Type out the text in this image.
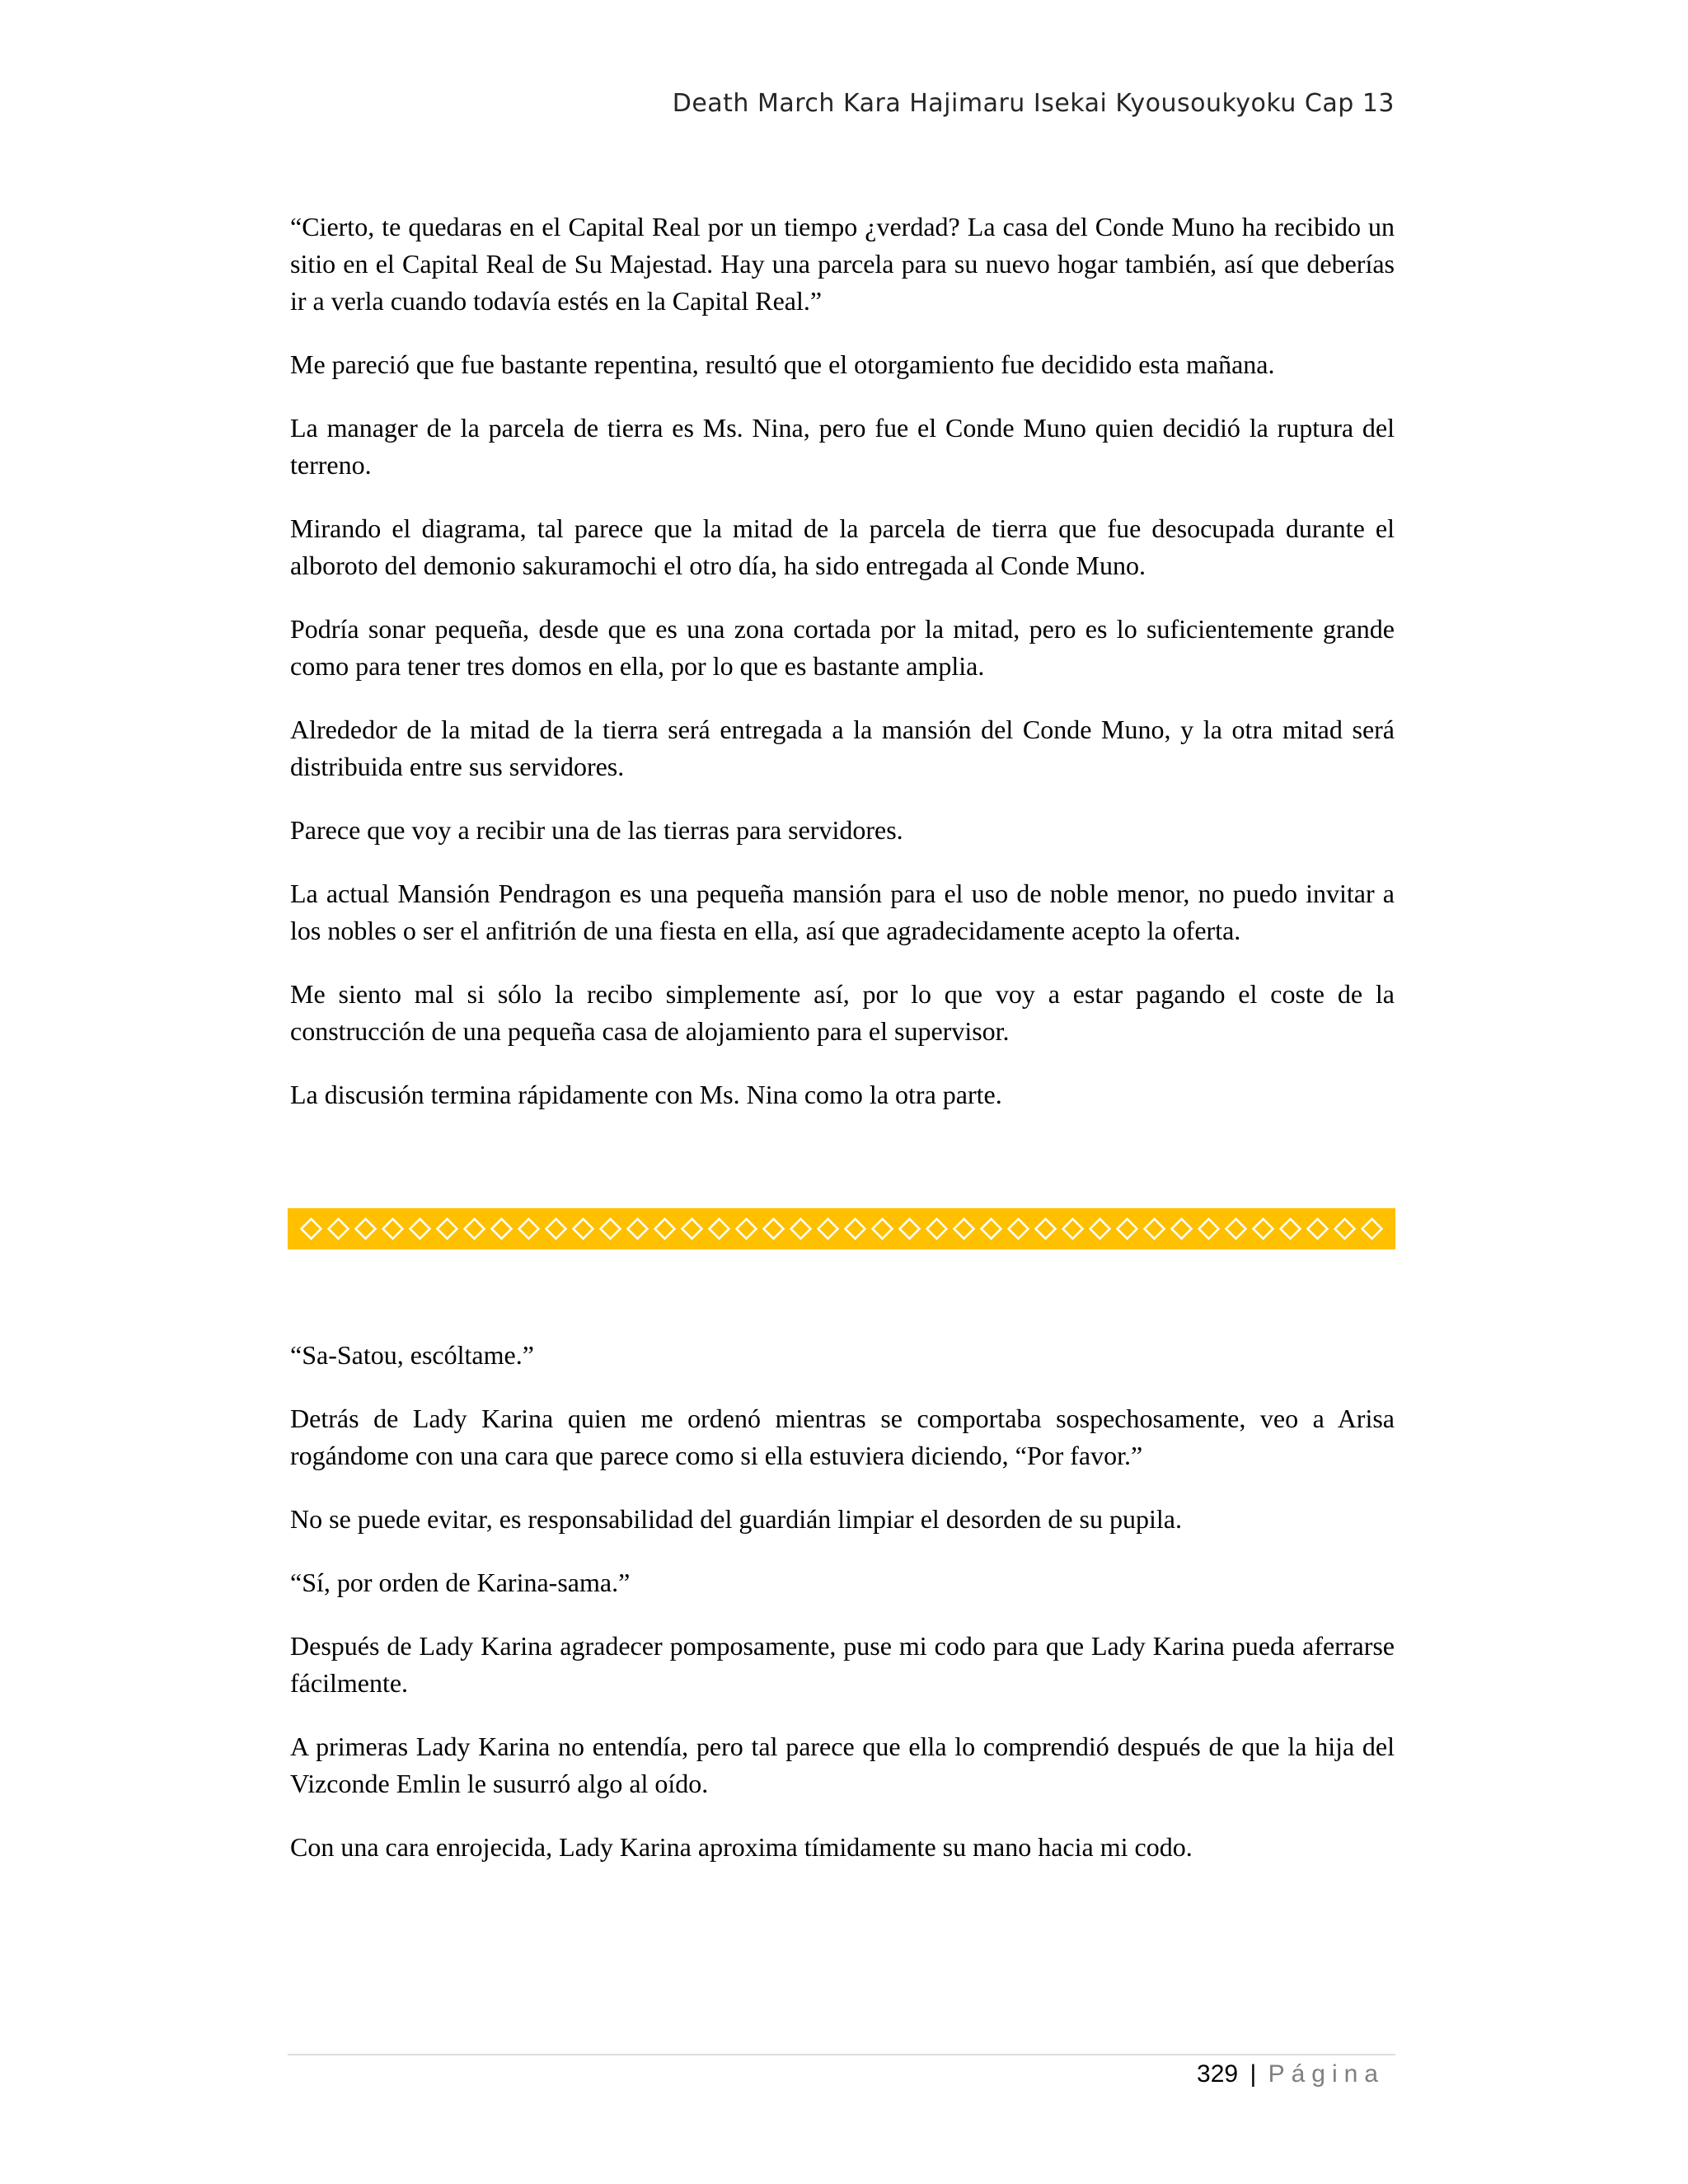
Death March Kara Hajimaru Isekai Kyousoukyoku Cap 13

“Cierto, te quedaras en el Capital Real por un tiempo ¿verdad? La casa del Conde Muno ha recibido un sitio en el Capital Real de Su Majestad. Hay una parcela para su nuevo hogar también, así que deberías ir a verla cuando todavía estés en la Capital Real.”

Me pareció que fue bastante repentina, resultó que el otorgamiento fue decidido esta mañana.

La manager de la parcela de tierra es Ms. Nina, pero fue el Conde Muno quien decidió la ruptura del terreno.

Mirando el diagrama, tal parece que la mitad de la parcela de tierra que fue desocupada durante el alboroto del demonio sakuramochi el otro día, ha sido entregada al Conde Muno.

Podría sonar pequeña, desde que es una zona cortada por la mitad, pero es lo suficientemente grande como para tener tres domos en ella, por lo que es bastante amplia.

Alrededor de la mitad de la tierra será entregada a la mansión del Conde Muno, y la otra mitad será distribuida entre sus servidores.

Parece que voy a recibir una de las tierras para servidores.

La actual Mansión Pendragon es una pequeña mansión para el uso de noble menor, no puedo invitar a los nobles o ser el anfitrión de una fiesta en ella, así que agradecidamente acepto la oferta.

Me siento mal si sólo la recibo simplemente así, por lo que voy a estar pagando el coste de la construcción de una pequeña casa de alojamiento para el supervisor.

La discusión termina rápidamente con Ms. Nina como la otra parte.

“Sa-Satou, escóltame.”

Detrás de Lady Karina quien me ordenó mientras se comportaba sospechosamente, veo a Arisa rogándome con una cara que parece como si ella estuviera diciendo, “Por favor.”

No se puede evitar, es responsabilidad del guardián limpiar el desorden de su pupila.

“Sí, por orden de Karina-sama.”

Después de Lady Karina agradecer pomposamente, puse mi codo para que Lady Karina pueda aferrarse fácilmente.

A primeras Lady Karina no entendía, pero tal parece que ella lo comprendió después de que la hija del Vizconde Emlin le susurró algo al oído.

Con una cara enrojecida, Lady Karina aproxima tímidamente su mano hacia mi codo.

329 | Página
